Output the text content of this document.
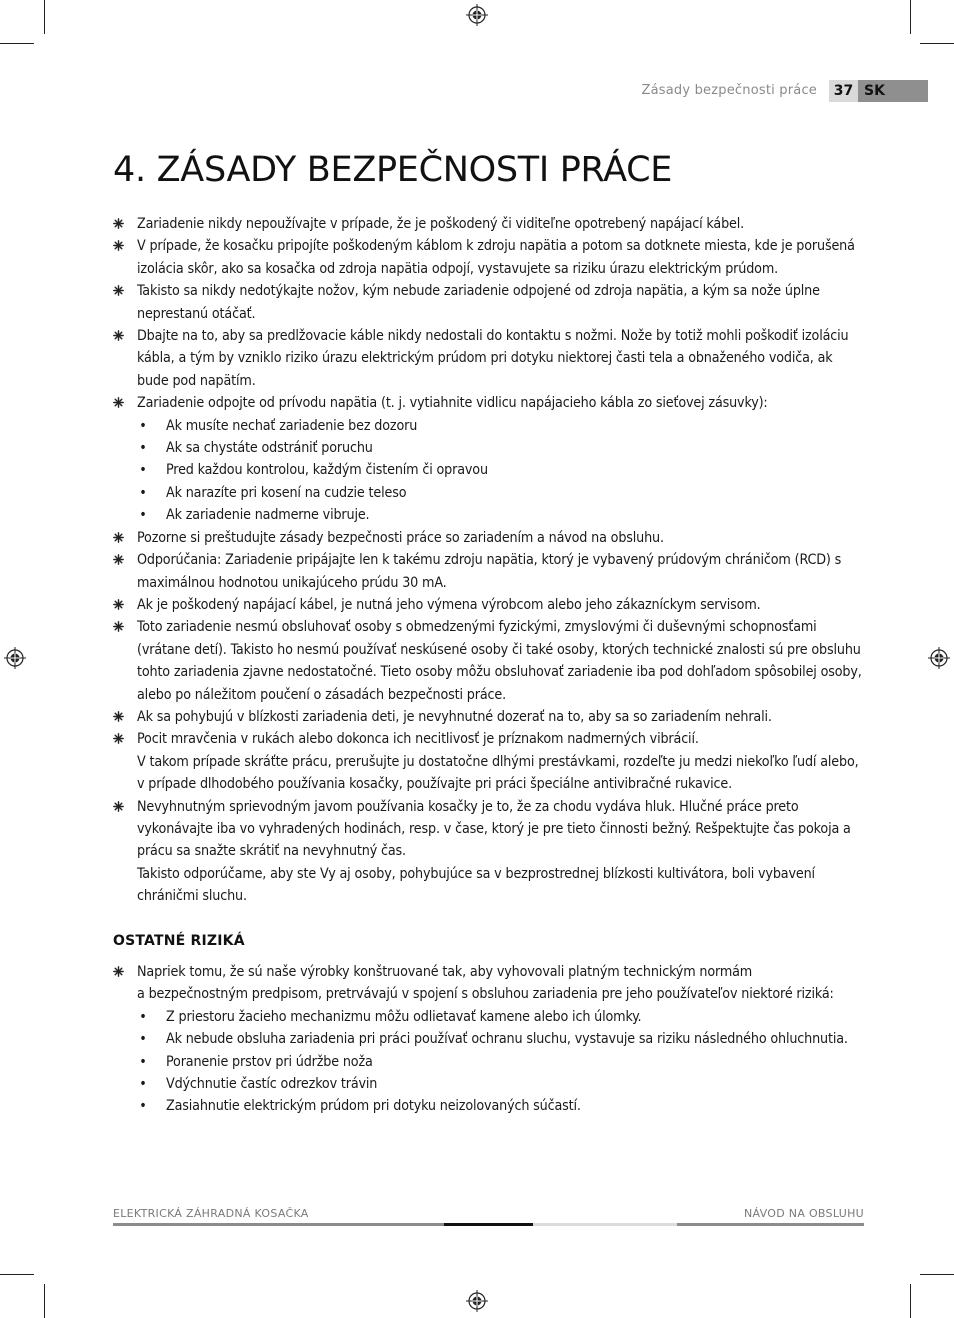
Zásady bezpečnosti práce	37 SK
4. ZÁSADY BEZPEČNOSTI PRÁCE
Zariadenie nikdy nepoužívajte v prípade, že je poškodený či viditeľne opotrebený napájací kábel.
V prípade, že kosačku pripojíte poškodeným káblom k zdroju napätia a potom sa dotknete miesta, kde je porušená izolácia skôr, ako sa kosačka od zdroja napätia odpojí, vystavujete sa riziku úrazu elektrickým prúdom.
Takisto sa nikdy nedotýkajte nožov, kým nebude zariadenie odpojené od zdroja napätia, a kým sa nože úplne neprestanú otáčať.
Dbajte na to, aby sa predlžovacie káble nikdy nedostali do kontaktu s nožmi. Nože by totiž mohli poškodiť izoláciu kábla, a tým by vzniklo riziko úrazu elektrickým prúdom pri dotyku niektorej časti tela a obnaženého vodiča, ak bude pod napätím.
Zariadenie odpojte od prívodu napätia (t. j. vytiahnite vidlicu napájacieho kábla zo sieťovej zásuvky):
• Ak musíte nechať zariadenie bez dozoru
• Ak sa chystáte odstrániť poruchu
• Pred každou kontrolou, každým čistením či opravou
• Ak narazíte pri kosení na cudzie teleso
• Ak zariadenie nadmerne vibruje.
Pozorne si preštudujte zásady bezpečnosti práce so zariadením a návod na obsluhu.
Odporúčania: Zariadenie pripájajte len k takému zdroju napätia, ktorý je vybavený prúdovým chráničom (RCD) s maximálnou hodnotou unikajúceho prúdu 30 mA.
Ak je poškodený napájací kábel, je nutná jeho výmena výrobcom alebo jeho zákazníckym servisom.
Toto zariadenie nesmú obsluhovať osoby s obmedzenými fyzickými, zmyslovými či duševnými schopnosťami (vrátane detí). Takisto ho nesmú používať neskúsené osoby či také osoby, ktorých technické znalosti sú pre obsluhu tohto zariadenia zjavne nedostatočné. Tieto osoby môžu obsluhovať zariadenie iba pod dohľadom spôsobilej osoby, alebo po náležitom poučení o zásadách bezpečnosti práce.
Ak sa pohybujú v blízkosti zariadenia deti, je nevyhnutné dozerať na to, aby sa so zariadením nehrali.
Pocit mravčenia v rukách alebo dokonca ich necitlivosť je príznakom nadmerných vibrácií.
V takom prípade skráťte prácu, prerušujte ju dostatočne dlhými prestávkami, rozdeľte ju medzi niekoľko ľudí alebo, v prípade dlhodobého používania kosačky, používajte pri práci špeciálne antivibračné rukavice.
Nevyhnutným sprievodným javom používania kosačky je to, že za chodu vydáva hluk. Hlučné práce preto vykonávajte iba vo vyhradených hodinách, resp. v čase, ktorý je pre tieto činnosti bežný. Rešpektujte čas pokoja a prácu sa snažte skrátiť na nevyhnutný čas.
Takisto odporúčame, aby ste Vy aj osoby, pohybujúce sa v bezprostrednej blízkosti kultivátora, boli vybavení chráničmi sluchu.
OSTATNÉ RIZIKÁ
Napriek tomu, že sú naše výrobky konštruované tak, aby vyhovovali platným technickým normám
a bezpečnostným predpisom, pretrvávajú v spojení s obsluhou zariadenia pre jeho používateľov niektoré riziká:
• Z priestoru žacieho mechanizmu môžu odlietavať kamene alebo ich úlomky.
• Ak nebude obsluha zariadenia pri práci používať ochranu sluchu, vystavuje sa riziku následného ohluchnutia.
• Poranenie prstov pri údržbe noža
• Vdýchnutie častíc odrezkov trávin
• Zasiahnutie elektrickým prúdom pri dotyku neizolovaných súčastí.
ELEKTRICKÁ ZÁHRADNÁ KOSAČKA	NÁVOD NA OBSLUHU
